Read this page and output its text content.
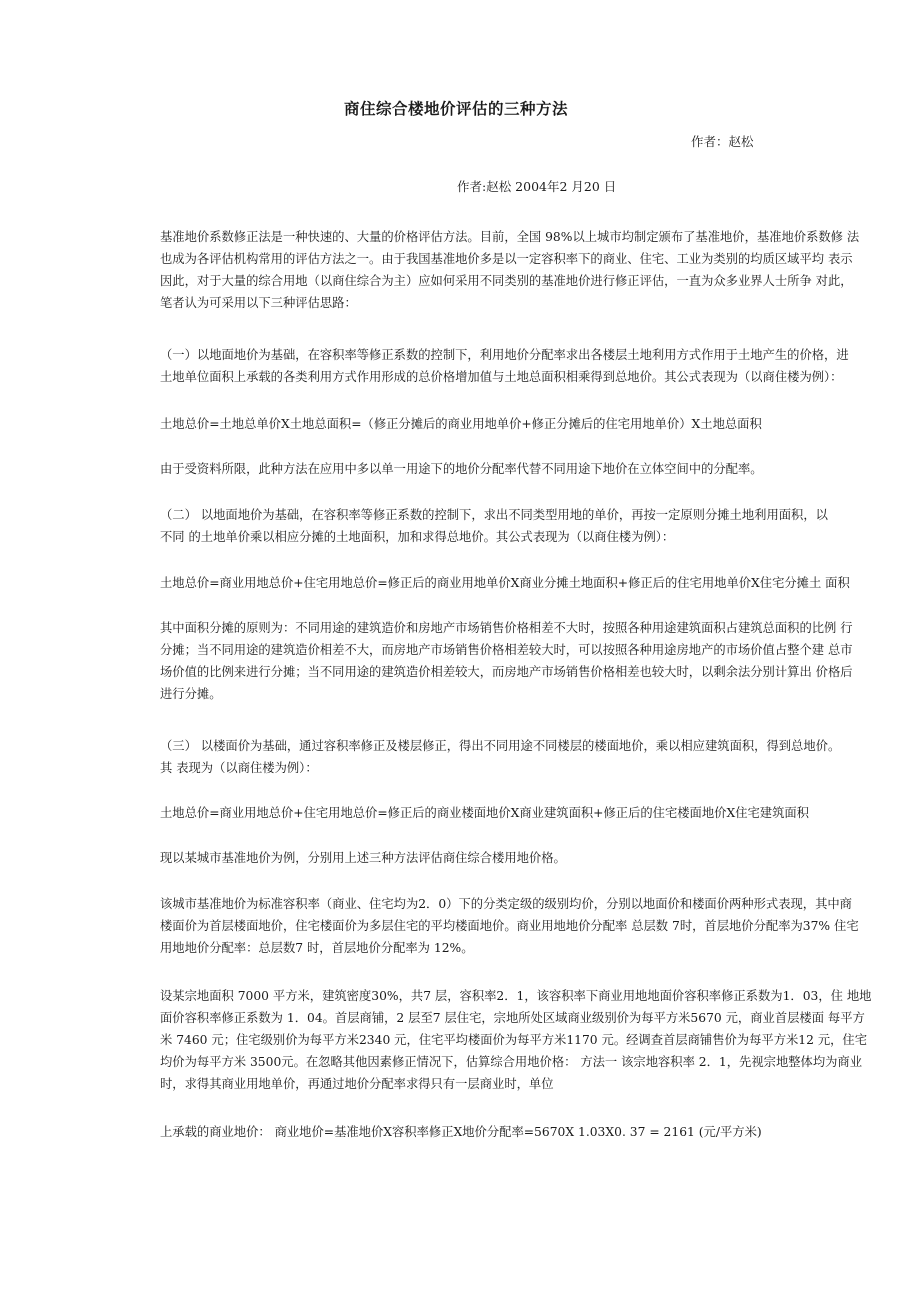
商住综合楼地价评估的三种方法
作者：赵松
作者:赵松 2004年2 月20 日

基准地价系数修正法是一种快速的、大量的价格评估方法。目前，全国 98%以上城市均制定颁布了基准地价，基准地价系数修 法
也成为各评估机构常用的评估方法之一。由于我国基准地价多是以一定容积率下的商业、住宅、工业为类别的均质区域平均 表示
因此，对于大量的综合用地（以商住综合为主）应如何采用不同类别的基准地价进行修正评估，一直为众多业界人士所争 对此，
笔者认为可采用以下三种评估思路：

（一）以地面地价为基础，在容积率等修正系数的控制下，利用地价分配率求出各楼层土地利用方式作用于土地产生的价格，进
土地单位面积上承载的各类利用方式作用形成的总价格增加值与土地总面积相乘得到总地价。其公式表现为（以商住楼为例）：

土地总价=土地总单价X土地总面积=（修正分摊后的商业用地单价+修正分摊后的住宅用地单价）X土地总面积

由于受资料所限，此种方法在应用中多以单一用途下的地价分配率代替不同用途下地价在立体空间中的分配率。

（二） 以地面地价为基础，在容积率等修正系数的控制下，求出不同类型用地的单价，再按一定原则分摊土地利用面积，以
不同 的土地单价乘以相应分摊的土地面积，加和求得总地价。其公式表现为（以商住楼为例）：

土地总价=商业用地总价+住宅用地总价=修正后的商业用地单价X商业分摊土地面积+修正后的住宅用地单价X住宅分摊土 面积

其中面积分摊的原则为：不同用途的建筑造价和房地产市场销售价格相差不大时，按照各种用途建筑面积占建筑总面积的比例 行
分摊；当不同用途的建筑造价相差不大，而房地产市场销售价格相差较大时，可以按照各种用途房地产的市场价值占整个建 总市
场价值的比例来进行分摊；当不同用途的建筑造价相差较大，而房地产市场销售价格相差也较大时，以剩余法分别计算出 价格后
进行分摊。

（三） 以楼面价为基础，通过容积率修正及楼层修正，得出不同用途不同楼层的楼面地价，乘以相应建筑面积，得到总地价。
其 表现为（以商住楼为例）：

土地总价=商业用地总价+住宅用地总价=修正后的商业楼面地价X商业建筑面积+修正后的住宅楼面地价X住宅建筑面积

现以某城市基准地价为例，分别用上述三种方法评估商住综合楼用地价格。

该城市基准地价为标准容积率（商业、住宅均为2．0）下的分类定级的级别均价，分别以地面价和楼面价两种形式表现，其中商
楼面价为首层楼面地价，住宅楼面价为多层住宅的平均楼面地价。商业用地地价分配率 总层数 7时，首层地价分配率为37% 住宅
用地地价分配率：总层数7 时，首层地价分配率为 12%。

设某宗地面积 7000 平方米，建筑密度30%，共7 层，容积率2．1，该容积率下商业用地地面价容积率修正系数为1．03，住 地地
面价容积率修正系数为 1．04。首层商铺，2 层至7 层住宅，宗地所处区域商业级别价为每平方米5670 元，商业首层楼面 每平方
米 7460 元；住宅级别价为每平方米2340 元，住宅平均楼面价为每平方米1170 元。经调查首层商铺售价为每平方米12 元，住宅
均价为每平方米 3500元。在忽略其他因素修正情况下，估算综合用地价格： 方法一 该宗地容积率 2．1，先视宗地整体均为商业
时，求得其商业用地单价，再通过地价分配率求得只有一层商业时，单位

上承载的商业地价： 商业地价=基准地价X容积率修正X地价分配率=5670X 1.03X0. 37 = 2161 (元/平方米)
